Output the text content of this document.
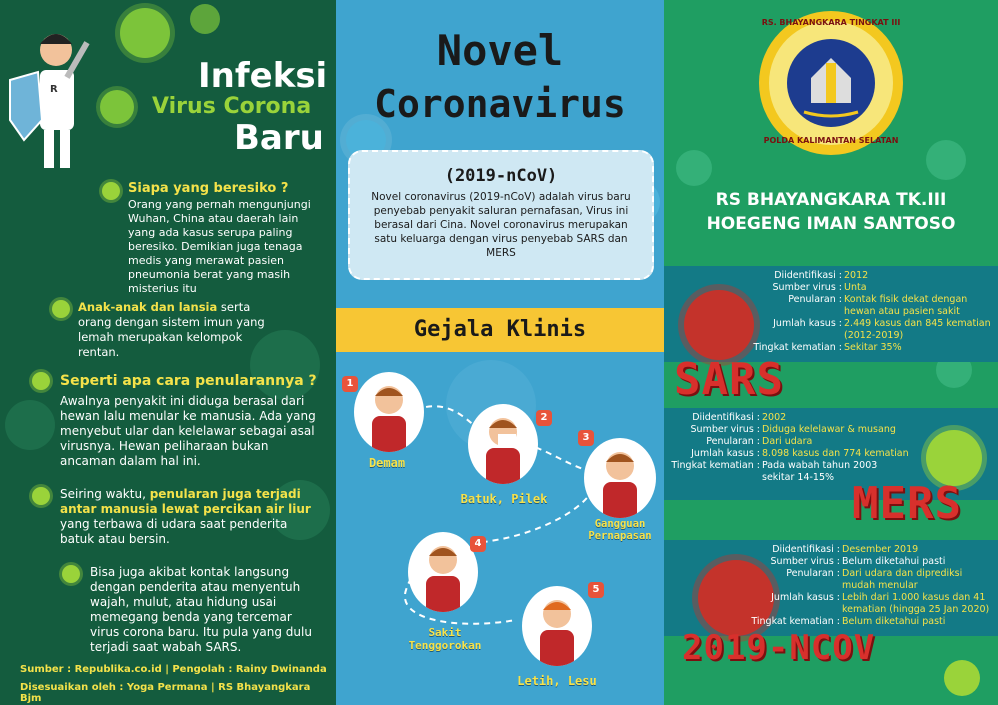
R	Infeksi
Virus Corona
Baru
Siapa yang beresiko ?
Orang yang pernah mengunjungi Wuhan, China atau daerah lain yang ada kasus serupa paling beresiko. Demikian juga tenaga medis yang merawat pasien pneumonia berat yang masih misterius itu
Anak-anak dan lansia serta orang dengan sistem imun yang lemah merupakan kelompok rentan.
Seperti apa cara penularannya ?
Awalnya penyakit ini diduga berasal dari hewan lalu menular ke manusia. Ada yang menyebut ular dan kelelawar sebagai asal virusnya. Hewan peliharaan bukan ancaman dalam hal ini.
Seiring waktu, penularan juga terjadi antar manusia lewat percikan air liur yang terbawa di udara saat penderita batuk atau bersin.
Bisa juga akibat kontak langsung dengan penderita atau menyentuh wajah, mulut, atau hidung usai memegang benda yang tercemar virus corona baru. Itu pula yang dulu terjadi saat wabah SARS.
Sumber : Republika.co.id | Pengolah : Rainy Dwinanda
Disesuaikan oleh : Yoga Permana | RS Bhayangkara Bjm
Novel
Coronavirus
(2019-nCoV)
Novel coronavirus (2019-nCoV) adalah virus baru penyebab penyakit saluran pernafasan, Virus ini berasal dari Cina. Novel coronavirus merupakan satu keluarga dengan virus penyebab SARS dan MERS
Gejala Klinis
1
Demam
2
Batuk, Pilek
3
Gangguan Pernapasan
4
Sakit Tenggorokan
5
Letih, Lesu
RS. BHAYANGKARA TINGKAT III
POLDA KALIMANTAN SELATAN
RS BHAYANGKARA TK.III
HOEGENG IMAN SANTOSO
Diidentifikasi : 2012
Sumber virus : Unta
Penularan : Kontak fisik dekat dengan hewan atau pasien sakit
Jumlah kasus : 2.449 kasus dan 845 kematian (2012-2019)
Tingkat kematian : Sekitar 35%
SARS
Diidentifikasi : 2002
Sumber virus : Diduga kelelawar & musang
Penularan : Dari udara
Jumlah kasus : 8.098 kasus dan 774 kematian
Tingkat kematian : Pada wabah tahun 2003 sekitar 14-15%
MERS
Diidentifikasi : Desember 2019
Sumber virus : Belum diketahui pasti
Penularan : Dari udara dan diprediksi mudah menular
Jumlah kasus : Lebih dari 1.000 kasus dan 41 kematian (hingga 25 Jan 2020)
Tingkat kematian : Belum diketahui pasti
2019-NCOV
